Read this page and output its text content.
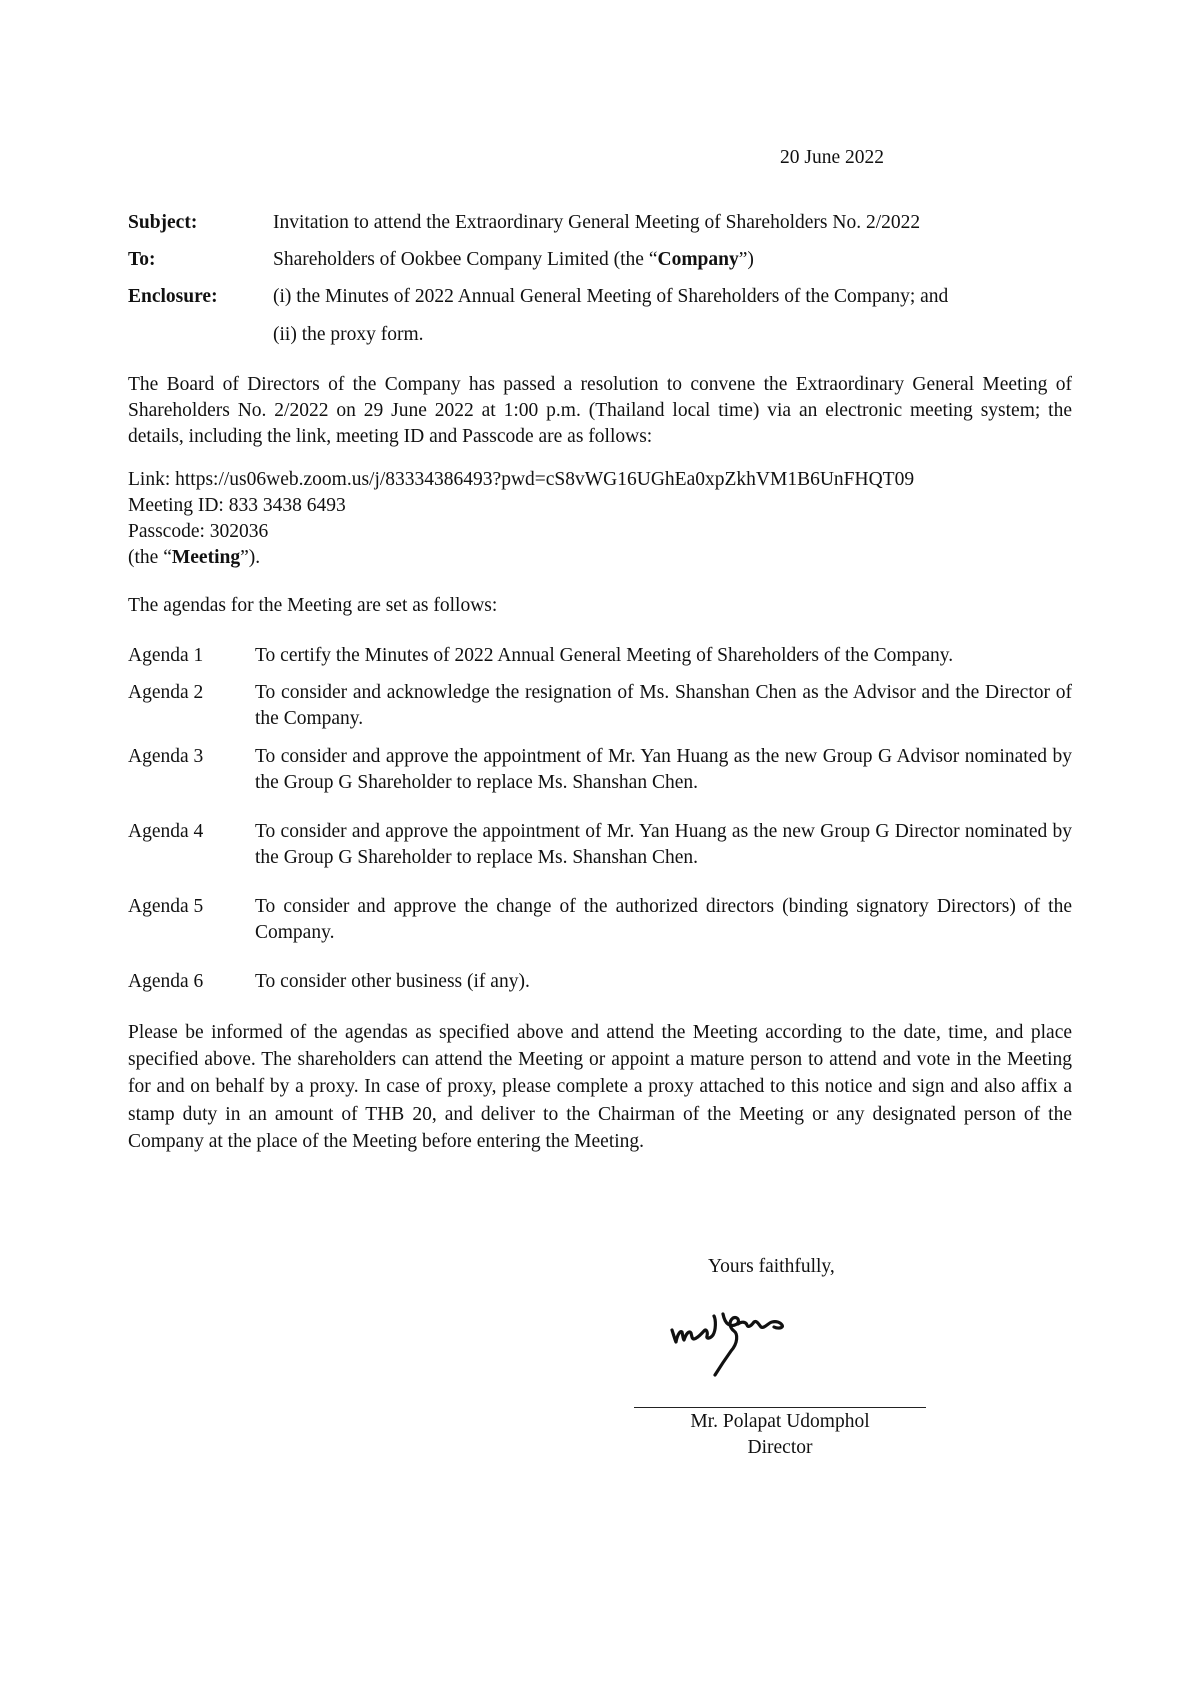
20 June 2022
Subject:	Invitation to attend the Extraordinary General Meeting of Shareholders No. 2/2022
To:	Shareholders of Ookbee Company Limited (the “Company”)
Enclosure:	(i) the Minutes of 2022 Annual General Meeting of Shareholders of the Company; and
(ii) the proxy form.
The Board of Directors of the Company has passed a resolution to convene the Extraordinary General Meeting of Shareholders No. 2/2022 on 29 June 2022 at 1:00 p.m. (Thailand local time) via an electronic meeting system; the details, including the link, meeting ID and Passcode are as follows:
Link: https://us06web.zoom.us/j/83334386493?pwd=cS8vWG16UGhEa0xpZkhVM1B6UnFHQT09
Meeting ID: 833 3438 6493
Passcode: 302036
(the “Meeting”).
The agendas for the Meeting are set as follows:
Agenda 1	To certify the Minutes of 2022 Annual General Meeting of Shareholders of the Company.
Agenda 2	To consider and acknowledge the resignation of Ms. Shanshan Chen as the Advisor and the Director of the Company.
Agenda 3	To consider and approve the appointment of Mr. Yan Huang as the new Group G Advisor nominated by the Group G Shareholder to replace Ms. Shanshan Chen.
Agenda 4	To consider and approve the appointment of Mr. Yan Huang as the new Group G Director nominated by the Group G Shareholder to replace Ms. Shanshan Chen.
Agenda 5	To consider and approve the change of the authorized directors (binding signatory Directors) of the Company.
Agenda 6	To consider other business (if any).
Please be informed of the agendas as specified above and attend the Meeting according to the date, time, and place specified above. The shareholders can attend the Meeting or appoint a mature person to attend and vote in the Meeting for and on behalf by a proxy. In case of proxy, please complete a proxy attached to this notice and sign and also affix a stamp duty in an amount of THB 20, and deliver to the Chairman of the Meeting or any designated person of the Company at the place of the Meeting before entering the Meeting.
Yours faithfully,
Mr. Polapat Udomphol
Director
